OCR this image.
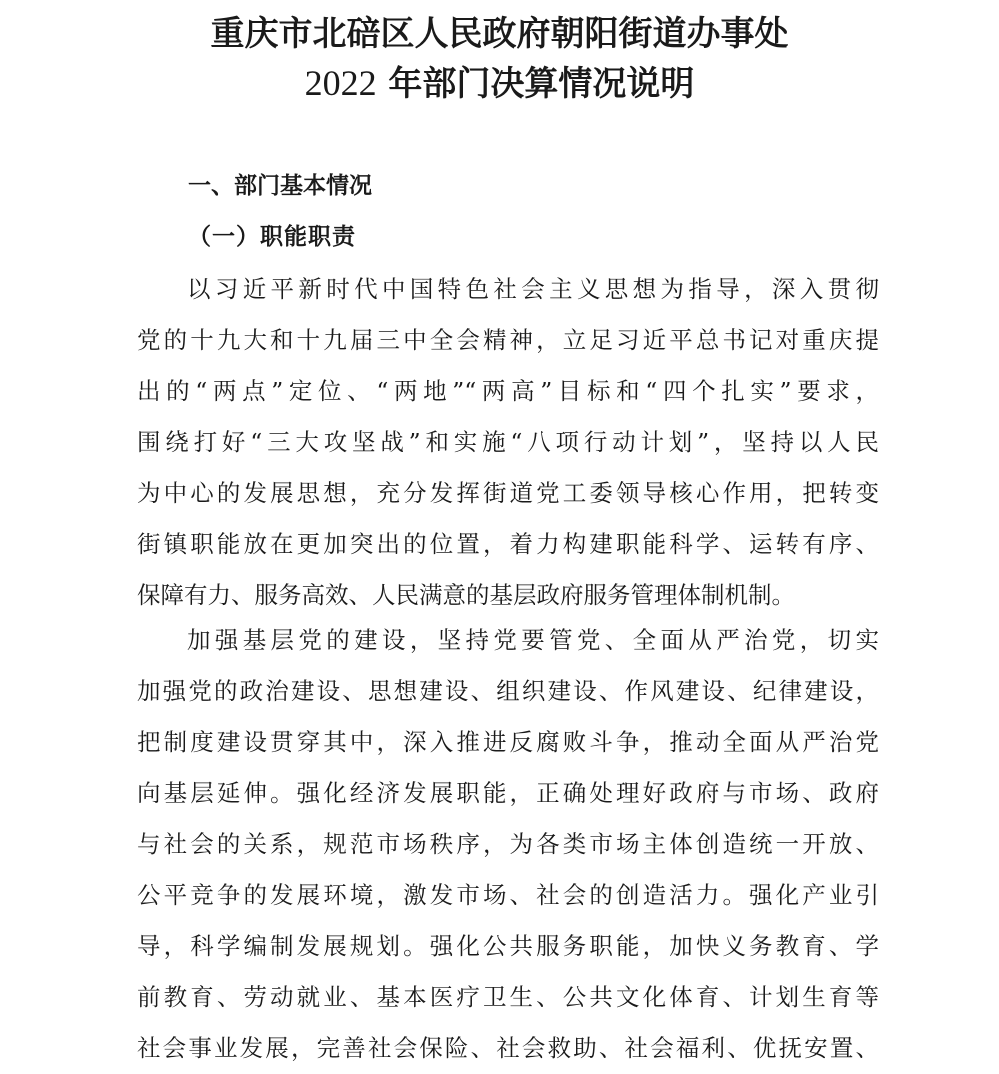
重庆市北碚区人民政府朝阳街道办事处
2022 年部门决算情况说明
一、部门基本情况
（一）职能职责

以习近平新时代中国特色社会主义思想为指导，深入贯彻
党的十九大和十九届三中全会精神，立足习近平总书记对重庆提
出的“两点”定位、“两地”“两高”目标和“四个扎实”要求，
围绕打好“三大攻坚战”和实施“八项行动计划”，坚持以人民
为中心的发展思想，充分发挥街道党工委领导核心作用，把转变
街镇职能放在更加突出的位置，着力构建职能科学、运转有序、
保障有力、服务高效、人民满意的基层政府服务管理体制机制。

加强基层党的建设，坚持党要管党、全面从严治党，切实
加强党的政治建设、思想建设、组织建设、作风建设、纪律建设，
把制度建设贯穿其中，深入推进反腐败斗争，推动全面从严治党
向基层延伸。强化经济发展职能，正确处理好政府与市场、政府
与社会的关系，规范市场秩序，为各类市场主体创造统一开放、
公平竞争的发展环境，激发市场、社会的创造活力。强化产业引
导，科学编制发展规划。强化公共服务职能，加快义务教育、学
前教育、劳动就业、基本医疗卫生、公共文化体育、计划生育等
社会事业发展，完善社会保险、社会救助、社会福利、优抚安置、
